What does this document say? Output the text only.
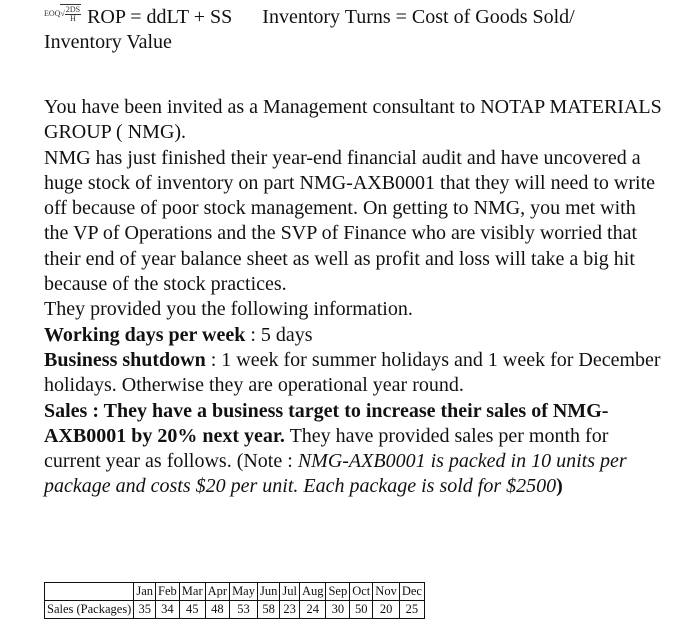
$EOQ√\frac{2DS}{H}$ ROP = ddLT + SS Inventory Turns = Cost of Goods Sold/
Inventory Value

You have been invited as a Management consultant to NOTAP MATERIALS GROUP ( NMG).

NMG has just finished their year-end financial audit and have uncovered a huge stock of inventory on part NMG-AXB0001 that they will need to write off because of poor stock management. On getting to NMG, you met with the VP of Operations and the SVP of Finance who are visibly worried that their end of year balance sheet as well as profit and loss will take a big hit because of the stock practices.

They provided you the following information.

Working days per week : 5 days

Business shutdown : 1 week for summer holidays and 1 week for December holidays. Otherwise they are operational year round.

Sales : They have a business target to increase their sales of NMG-AXB0001 by 20% next year. They have provided sales per month for current year as follows. (Note : NMG-AXB0001 is packed in 10 units per package and costs $20 per unit. Each package is sold for $2500)

	Jan	Feb	Mar	Apr	May	Jun	Jul	Aug	Sep	Oct	Nov	Dec
Sales (Packages)	35	34	45	48	53	58	23	24	30	50	20	25
